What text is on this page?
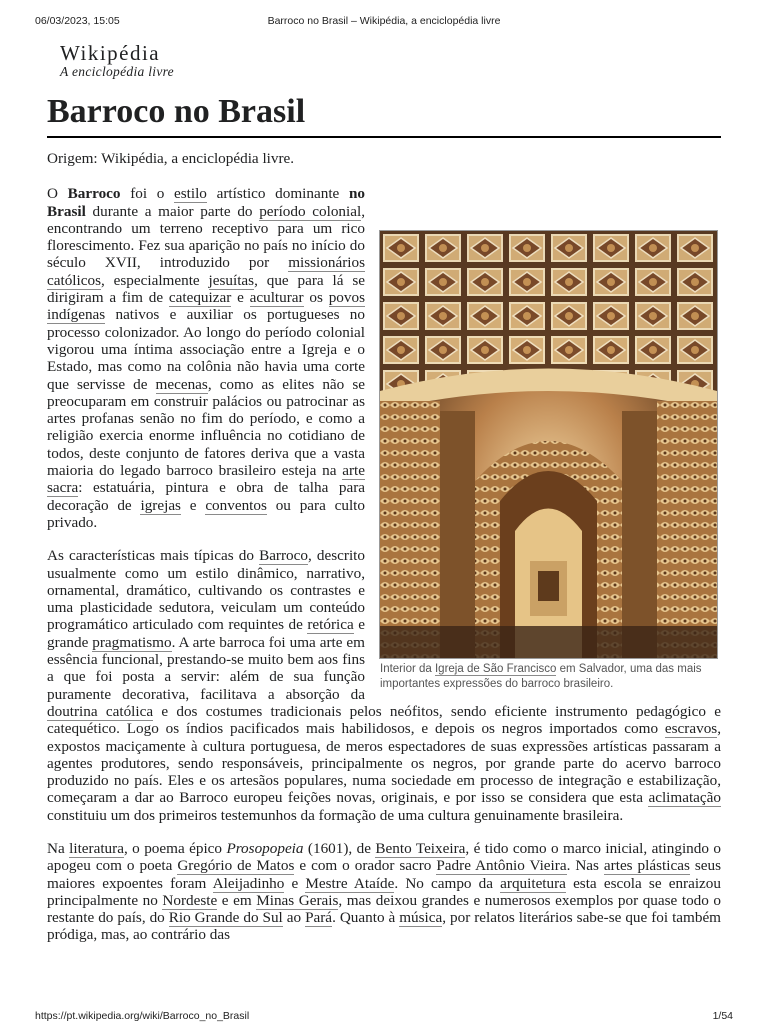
06/03/2023, 15:05	Barroco no Brasil – Wikipédia, a enciclopédia livre
Wikipédia
A enciclopédia livre
Barroco no Brasil

Origem: Wikipédia, a enciclopédia livre.

Interior da Igreja de São Francisco em Salvador, uma das mais importantes expressões do barroco brasileiro.

O Barroco foi o estilo artístico dominante no Brasil durante a maior parte do período colonial, encontrando um terreno receptivo para um rico florescimento. Fez sua aparição no país no início do século XVII, introduzido por missionários católicos, especialmente jesuítas, que para lá se dirigiram a fim de catequizar e aculturar os povos indígenas nativos e auxiliar os portugueses no processo colonizador. Ao longo do período colonial vigorou uma íntima associação entre a Igreja e o Estado, mas como na colônia não havia uma corte que servisse de mecenas, como as elites não se preocuparam em construir palácios ou patrocinar as artes profanas senão no fim do período, e como a religião exercia enorme influência no cotidiano de todos, deste conjunto de fatores deriva que a vasta maioria do legado barroco brasileiro esteja na arte sacra: estatuária, pintura e obra de talha para decoração de igrejas e conventos ou para culto privado.

As características mais típicas do Barroco, descrito usualmente como um estilo dinâmico, narrativo, ornamental, dramático, cultivando os contrastes e uma plasticidade sedutora, veiculam um conteúdo programático articulado com requintes de retórica e grande pragmatismo. A arte barroca foi uma arte em essência funcional, prestando-se muito bem aos fins a que foi posta a servir: além de sua função puramente decorativa, facilitava a absorção da doutrina católica e dos costumes tradicionais pelos neófitos, sendo eficiente instrumento pedagógico e catequético. Logo os índios pacificados mais habilidosos, e depois os negros importados como escravos, expostos maciçamente à cultura portuguesa, de meros espectadores de suas expressões artísticas passaram a agentes produtores, sendo responsáveis, principalmente os negros, por grande parte do acervo barroco produzido no país. Eles e os artesãos populares, numa sociedade em processo de integração e estabilização, começaram a dar ao Barroco europeu feições novas, originais, e por isso se considera que esta aclimatação constituiu um dos primeiros testemunhos da formação de uma cultura genuinamente brasileira.

Na literatura, o poema épico Prosopopeia (1601), de Bento Teixeira, é tido como o marco inicial, atingindo o apogeu com o poeta Gregório de Matos e com o orador sacro Padre Antônio Vieira. Nas artes plásticas seus maiores expoentes foram Aleijadinho e Mestre Ataíde. No campo da arquitetura esta escola se enraizou principalmente no Nordeste e em Minas Gerais, mas deixou grandes e numerosos exemplos por quase todo o restante do país, do Rio Grande do Sul ao Pará. Quanto à música, por relatos literários sabe-se que foi também pródiga, mas, ao contrário das

https://pt.wikipedia.org/wiki/Barroco_no_Brasil	1/54
